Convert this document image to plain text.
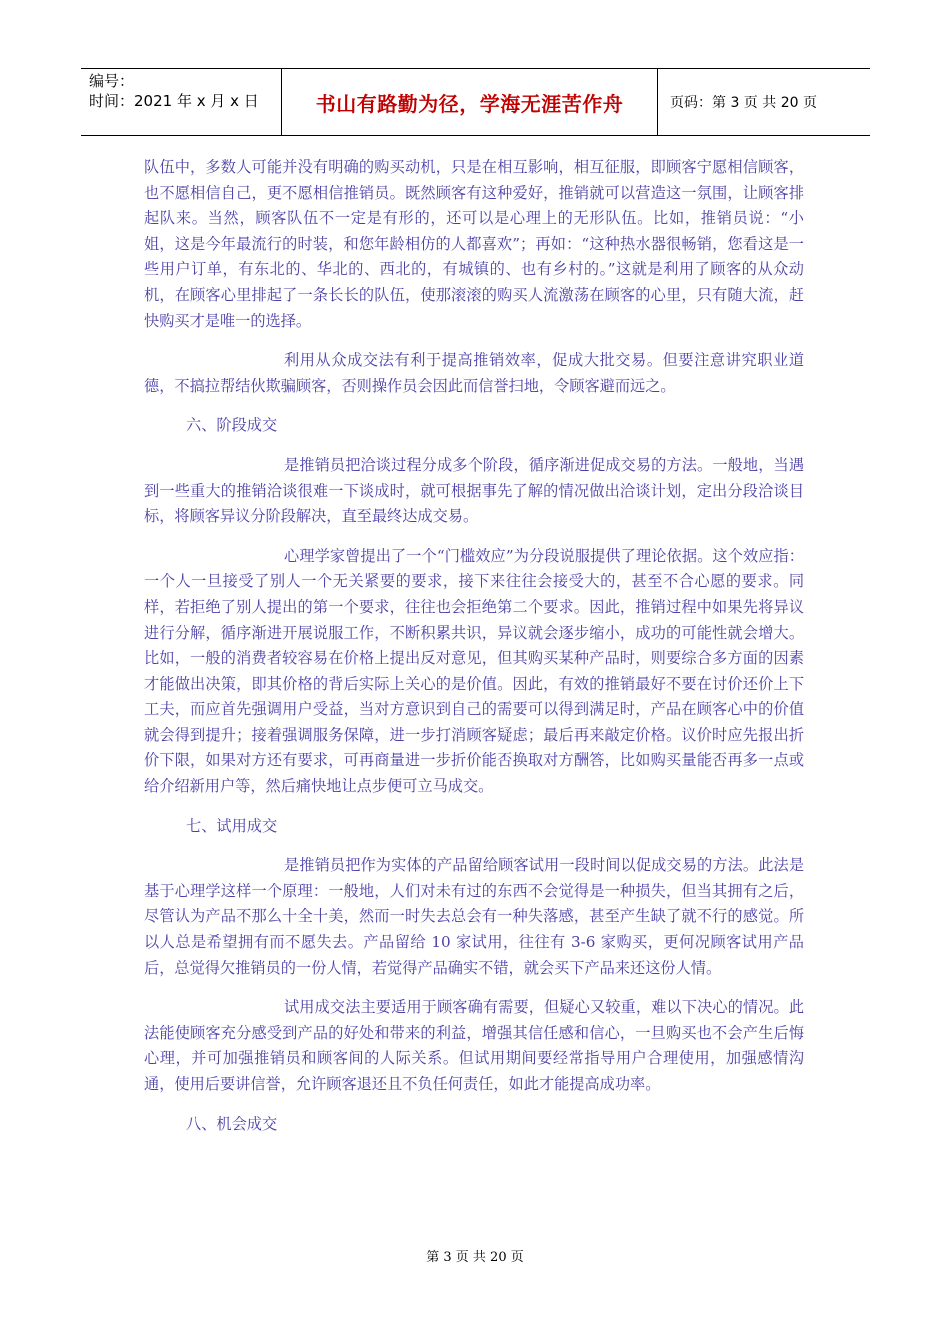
编号：
时间：2021 年 x 月 x 日	书山有路勤为径，学海无涯苦作舟	页码：第 3 页 共 20 页

队伍中，多数人可能并没有明确的购买动机，只是在相互影响，相互征服，即顾客宁愿相信顾客，也不愿相信自己，更不愿相信推销员。既然顾客有这种爱好，推销就可以营造这一氛围，让顾客排起队来。当然，顾客队伍不一定是有形的，还可以是心理上的无形队伍。比如，推销员说：“小姐，这是今年最流行的时装，和您年龄相仿的人都喜欢”；再如：“这种热水器很畅销，您看这是一些用户订单，有东北的、华北的、西北的，有城镇的、也有乡村的。”这就是利用了顾客的从众动机，在顾客心里排起了一条长长的队伍，使那滚滚的购买人流激荡在顾客的心里，只有随大流，赶快购买才是唯一的选择。

利用从众成交法有利于提高推销效率，促成大批交易。但要注意讲究职业道德，不搞拉帮结伙欺骗顾客，否则操作员会因此而信誉扫地，令顾客避而远之。

六、阶段成交

是推销员把洽谈过程分成多个阶段，循序渐进促成交易的方法。一般地，当遇到一些重大的推销洽谈很难一下谈成时，就可根据事先了解的情况做出洽谈计划，定出分段洽谈目标，将顾客异议分阶段解决，直至最终达成交易。

心理学家曾提出了一个“门槛效应”为分段说服提供了理论依据。这个效应指：一个人一旦接受了别人一个无关紧要的要求，接下来往往会接受大的，甚至不合心愿的要求。同样，若拒绝了别人提出的第一个要求，往往也会拒绝第二个要求。因此，推销过程中如果先将异议进行分解，循序渐进开展说服工作，不断积累共识，异议就会逐步缩小，成功的可能性就会增大。比如，一般的消费者较容易在价格上提出反对意见，但其购买某种产品时，则要综合多方面的因素才能做出决策，即其价格的背后实际上关心的是价值。因此，有效的推销最好不要在讨价还价上下工夫，而应首先强调用户受益，当对方意识到自己的需要可以得到满足时，产品在顾客心中的价值就会得到提升；接着强调服务保障，进一步打消顾客疑虑；最后再来敲定价格。议价时应先报出折价下限，如果对方还有要求，可再商量进一步折价能否换取对方酬答，比如购买量能否再多一点或给介绍新用户等，然后痛快地让点步便可立马成交。

七、试用成交

是推销员把作为实体的产品留给顾客试用一段时间以促成交易的方法。此法是基于心理学这样一个原理：一般地，人们对未有过的东西不会觉得是一种损失，但当其拥有之后，尽管认为产品不那么十全十美，然而一时失去总会有一种失落感，甚至产生缺了就不行的感觉。所以人总是希望拥有而不愿失去。产品留给 10 家试用，往往有 3-6 家购买，更何况顾客试用产品后，总觉得欠推销员的一份人情，若觉得产品确实不错，就会买下产品来还这份人情。

试用成交法主要适用于顾客确有需要，但疑心又较重，难以下决心的情况。此法能使顾客充分感受到产品的好处和带来的利益，增强其信任感和信心，一旦购买也不会产生后悔心理，并可加强推销员和顾客间的人际关系。但试用期间要经常指导用户合理使用，加强感情沟通，使用后要讲信誉，允许顾客退还且不负任何责任，如此才能提高成功率。

八、机会成交

第 3 页 共 20 页
